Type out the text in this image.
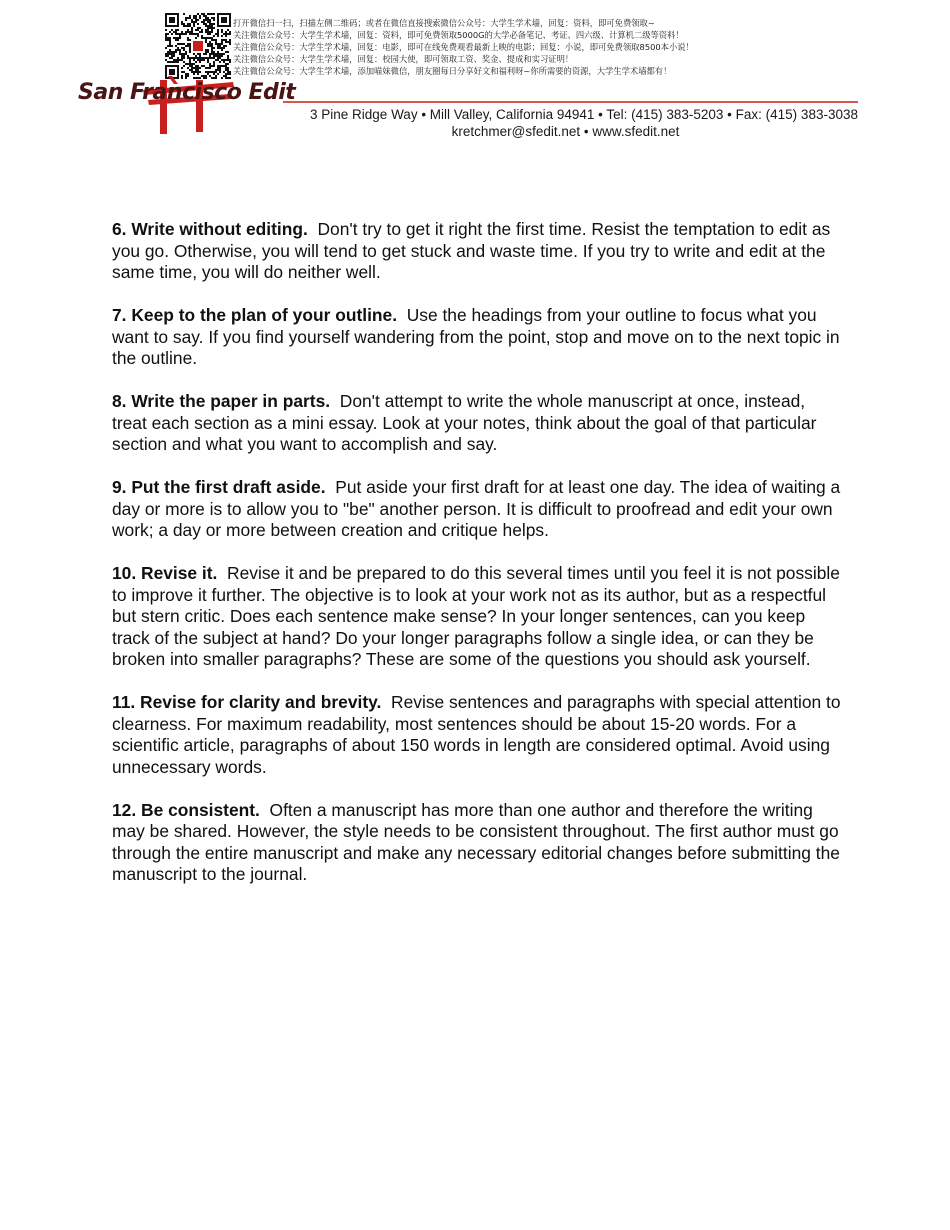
打开微信扫一扫，扫描左侧二维码；或者在微信直接搜索微信公众号：大学生学术墙，回复：资料，即可免费领取~
关注微信公众号：大学生学术墙，回复：资料，即可免费领取5000G的大学必备笔记、考证、四六级、计算机二级等资料！
关注微信公众号：大学生学术墙，回复：电影，即可在线免费观看最新上映的电影；回复：小说，即可免费领取8500本小说！
关注微信公众号：大学生学术墙，回复：校园大使，即可领取工资、奖金、提成和实习证明！
关注微信公众号：大学生学术墙，添加喵妹微信，朋友圈每日分享好文和福利呀~你所需要的资源，大学生学术墙都有！
San Francisco Edit
3 Pine Ridge Way • Mill Valley, California 94941 • Tel: (415) 383-5203 • Fax: (415) 383-3038
kretchmer@sfedit.net • www.sfedit.net

6. Write without editing. Don't try to get it right the first time. Resist the temptation to edit as you go. Otherwise, you will tend to get stuck and waste time. If you try to write and edit at the same time, you will do neither well.

7. Keep to the plan of your outline. Use the headings from your outline to focus what you want to say. If you find yourself wandering from the point, stop and move on to the next topic in the outline.

8. Write the paper in parts. Don't attempt to write the whole manuscript at once, instead, treat each section as a mini essay. Look at your notes, think about the goal of that particular section and what you want to accomplish and say.

9. Put the first draft aside. Put aside your first draft for at least one day. The idea of waiting a day or more is to allow you to "be" another person. It is difficult to proofread and edit your own work; a day or more between creation and critique helps.

10. Revise it. Revise it and be prepared to do this several times until you feel it is not possible to improve it further. The objective is to look at your work not as its author, but as a respectful but stern critic. Does each sentence make sense? In your longer sentences, can you keep track of the subject at hand? Do your longer paragraphs follow a single idea, or can they be broken into smaller paragraphs? These are some of the questions you should ask yourself.

11. Revise for clarity and brevity. Revise sentences and paragraphs with special attention to clearness. For maximum readability, most sentences should be about 15-20 words. For a scientific article, paragraphs of about 150 words in length are considered optimal. Avoid using unnecessary words.

12. Be consistent. Often a manuscript has more than one author and therefore the writing may be shared. However, the style needs to be consistent throughout. The first author must go through the entire manuscript and make any necessary editorial changes before submitting the manuscript to the journal.
